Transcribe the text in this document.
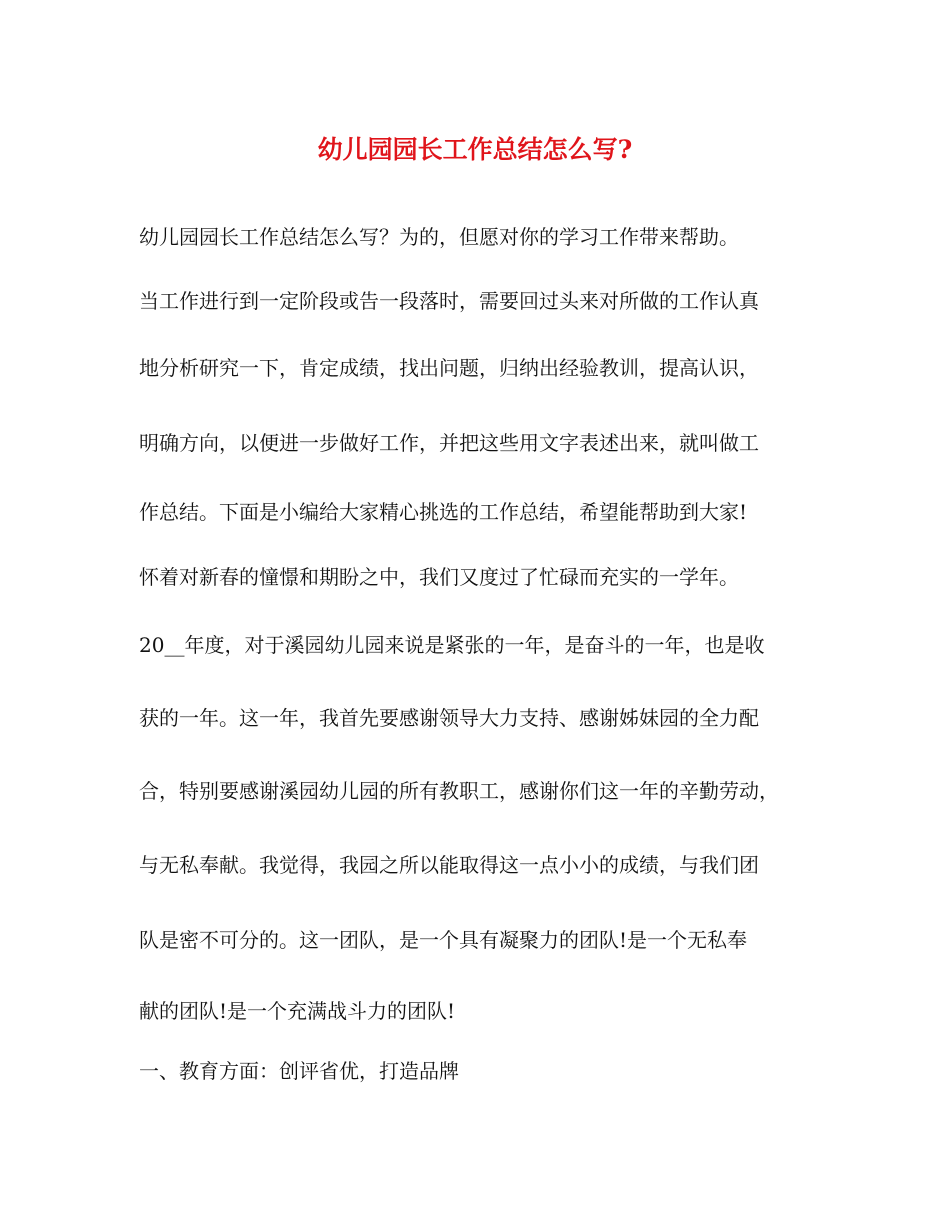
幼儿园园长工作总结怎么写?
幼儿园园长工作总结怎么写？为的，但愿对你的学习工作带来帮助。
当工作进行到一定阶段或告一段落时，需要回过头来对所做的工作认真
地分析研究一下，肯定成绩，找出问题，归纳出经验教训，提高认识，
明确方向，以便进一步做好工作，并把这些用文字表述出来，就叫做工
作总结。下面是小编给大家精心挑选的工作总结，希望能帮助到大家!
怀着对新春的憧憬和期盼之中，我们又度过了忙碌而充实的一学年。
20__年度，对于溪园幼儿园来说是紧张的一年，是奋斗的一年，也是收
获的一年。这一年，我首先要感谢领导大力支持、感谢姊妹园的全力配
合，特别要感谢溪园幼儿园的所有教职工，感谢你们这一年的辛勤劳动，
与无私奉献。我觉得，我园之所以能取得这一点小小的成绩，与我们团
队是密不可分的。这一团队，是一个具有凝聚力的团队!是一个无私奉
献的团队!是一个充满战斗力的团队!
一、教育方面：创评省优，打造品牌
